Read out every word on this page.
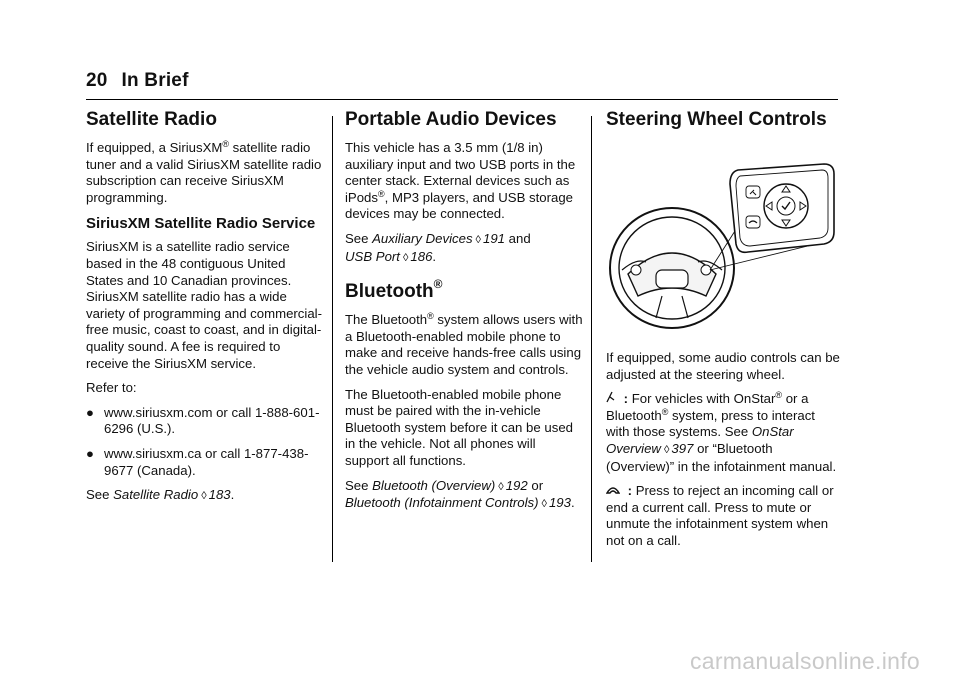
20 In Brief
Satellite Radio

If equipped, a SiriusXM® satellite radio tuner and a valid SiriusXM satellite radio subscription can receive SiriusXM programming.

SiriusXM Satellite Radio Service

SiriusXM is a satellite radio service based in the 48 contiguous United States and 10 Canadian provinces. SiriusXM satellite radio has a wide variety of programming and commercial-free music, coast to coast, and in digital-quality sound. A fee is required to receive the SiriusXM service.

Refer to:

● www.siriusxm.com or call 1-888-601-6296 (U.S.).
● www.siriusxm.ca or call 1-877-438-9677 (Canada).

See Satellite Radio ◊ 183.

Portable Audio Devices

This vehicle has a 3.5 mm (1/8 in) auxiliary input and two USB ports in the center stack. External devices such as iPods®, MP3 players, and USB storage devices may be connected.

See Auxiliary Devices ◊ 191 and
USB Port ◊ 186.

Bluetooth®

The Bluetooth® system allows users with a Bluetooth-enabled mobile phone to make and receive hands-free calls using the vehicle audio system and controls.

The Bluetooth-enabled mobile phone must be paired with the in-vehicle Bluetooth system before it can be used in the vehicle. Not all phones will support all functions.

See Bluetooth (Overview) ◊ 192 or
Bluetooth (Infotainment Controls) ◊ 193.

Steering Wheel Controls

If equipped, some audio controls can be adjusted at the steering wheel.

: For vehicles with OnStar® or a Bluetooth® system, press to interact with those systems. See OnStar Overview ◊ 397 or “Bluetooth (Overview)” in the infotainment manual.

: Press to reject an incoming call or end a current call. Press to mute or unmute the infotainment system when not on a call.

carmanualsonline.info
